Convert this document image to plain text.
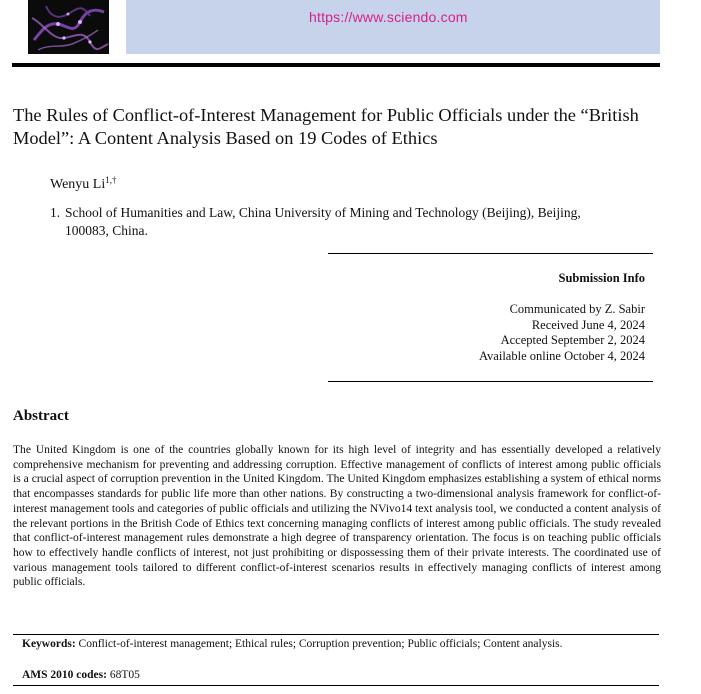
https://www.sciendo.com
The Rules of Conflict-of-Interest Management for Public Officials under the “British Model”: A Content Analysis Based on 19 Codes of Ethics
Wenyu $Li^{1,\dagger}$
1. School of Humanities and Law, China University of Mining and Technology (Beijing), Beijing,
100083, China.
Submission Info
Communicated by Z. Sabir
Received June 4, 2024
Accepted September 2, 2024
Available online October 4, 2024
Abstract
The United Kingdom is one of the countries globally known for its high level of integrity and has essentially developed a relatively comprehensive mechanism for preventing and addressing corruption. Effective management of conflicts of interest among public officials is a crucial aspect of corruption prevention in the United Kingdom. The United Kingdom emphasizes establishing a system of ethical norms that encompasses standards for public life more than other nations. By constructing a two-dimensional analysis framework for conflict-of-interest management tools and categories of public officials and utilizing the NVivo14 text analysis tool, we conducted a content analysis of the relevant portions in the British Code of Ethics text concerning managing conflicts of interest among public officials. The study revealed that conflict-of-interest management rules demonstrate a high degree of transparency orientation. The focus is on teaching public officials how to effectively handle conflicts of interest, not just prohibiting or dispossessing them of their private interests. The coordinated use of various management tools tailored to different conflict-of-interest scenarios results in effectively managing conflicts of interest among public officials.
Keywords: Conflict-of-interest management; Ethical rules; Corruption prevention; Public officials; Content analysis.
AMS 2010 codes: 68T05
